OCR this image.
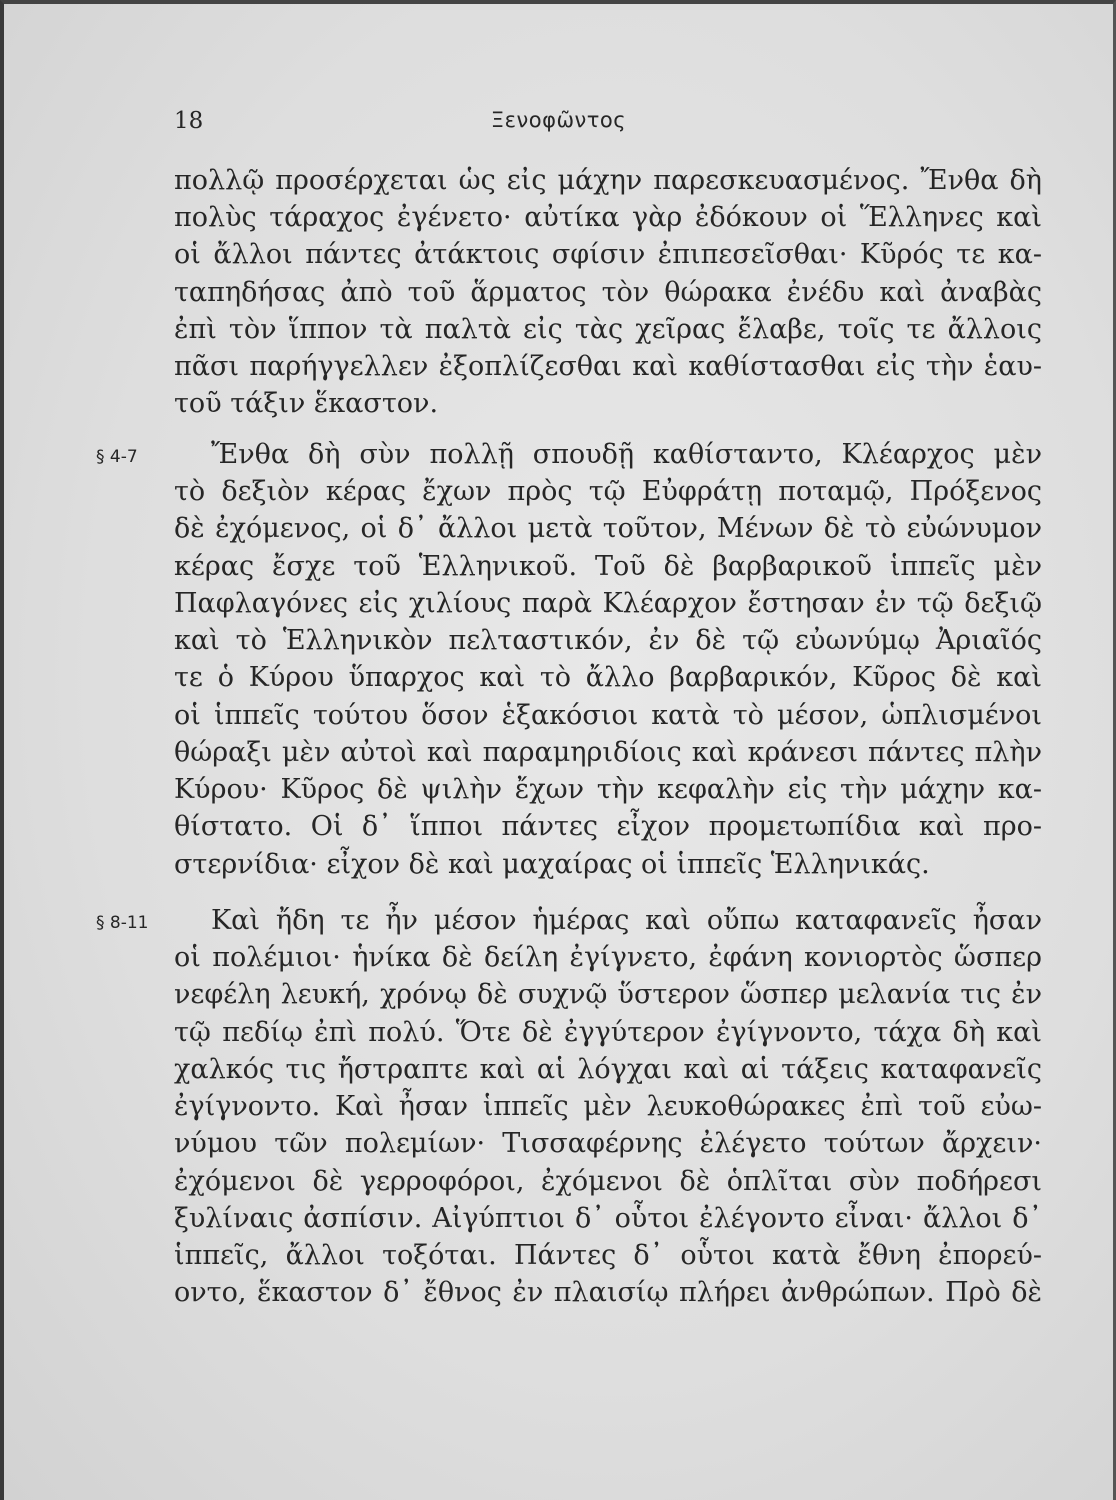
18	Ξενοφῶντος
§ 4-7
§ 8-11
πολλῷ προσέρχεται ὡς εἰς μάχην παρεσκευασμένος. Ἔνθα δὴ
πολὺς τάραχος ἐγένετο· αὐτίκα γὰρ ἐδόκουν οἱ Ἕλληνες καὶ
οἱ ἄλλοι πάντες ἀτάκτοις σφίσιν ἐπιπεσεῖσθαι· Κῦρός τε κα-
ταπηδήσας ἀπὸ τοῦ ἅρματος τὸν θώρακα ἐνέδυ καὶ ἀναβὰς
ἐπὶ τὸν ἵππον τὰ παλτὰ εἰς τὰς χεῖρας ἔλαβε, τοῖς τε ἄλλοις
πᾶσι παρήγγελλεν ἐξοπλίζεσθαι καὶ καθίστασθαι εἰς τὴν ἑαυ-
τοῦ τάξιν ἕκαστον.
Ἔνθα δὴ σὺν πολλῇ σπουδῇ καθίσταντο, Κλέαρχος μὲν
τὸ δεξιὸν κέρας ἔχων πρὸς τῷ Εὐφράτῃ ποταμῷ, Πρόξενος
δὲ ἐχόμενος, οἱ δ᾽ ἄλλοι μετὰ τοῦτον, Μένων δὲ τὸ εὐώνυμον
κέρας ἔσχε τοῦ Ἑλληνικοῦ. Τοῦ δὲ βαρβαρικοῦ ἱππεῖς μὲν
Παφλαγόνες εἰς χιλίους παρὰ Κλέαρχον ἔστησαν ἐν τῷ δεξιῷ
καὶ τὸ Ἑλληνικὸν πελταστικόν, ἐν δὲ τῷ εὐωνύμῳ Ἀριαῖός
τε ὁ Κύρου ὕπαρχος καὶ τὸ ἄλλο βαρβαρικόν, Κῦρος δὲ καὶ
οἱ ἱππεῖς τούτου ὅσον ἑξακόσιοι κατὰ τὸ μέσον, ὡπλισμένοι
θώραξι μὲν αὐτοὶ καὶ παραμηριδίοις καὶ κράνεσι πάντες πλὴν
Κύρου· Κῦρος δὲ ψιλὴν ἔχων τὴν κεφαλὴν εἰς τὴν μάχην κα-
θίστατο. Οἱ δ᾽ ἵπποι πάντες εἶχον προμετωπίδια καὶ προ-
στερνίδια· εἶχον δὲ καὶ μαχαίρας οἱ ἱππεῖς Ἑλληνικάς.
Καὶ ἤδη τε ἦν μέσον ἡμέρας καὶ οὔπω καταφανεῖς ἦσαν
οἱ πολέμιοι· ἡνίκα δὲ δείλη ἐγίγνετο, ἐφάνη κονιορτὸς ὥσπερ
νεφέλη λευκή, χρόνῳ δὲ συχνῷ ὕστερον ὥσπερ μελανία τις ἐν
τῷ πεδίῳ ἐπὶ πολύ. Ὅτε δὲ ἐγγύτερον ἐγίγνοντο, τάχα δὴ καὶ
χαλκός τις ἤστραπτε καὶ αἱ λόγχαι καὶ αἱ τάξεις καταφανεῖς
ἐγίγνοντο. Καὶ ἦσαν ἱππεῖς μὲν λευκοθώρακες ἐπὶ τοῦ εὐω-
νύμου τῶν πολεμίων· Τισσαφέρνης ἐλέγετο τούτων ἄρχειν·
ἐχόμενοι δὲ γερροφόροι, ἐχόμενοι δὲ ὁπλῖται σὺν ποδήρεσι
ξυλίναις ἀσπίσιν. Αἰγύπτιοι δ᾽ οὗτοι ἐλέγοντο εἶναι· ἄλλοι δ᾽
ἱππεῖς, ἄλλοι τοξόται. Πάντες δ᾽ οὗτοι κατὰ ἔθνη ἐπορεύ-
οντο, ἕκαστον δ᾽ ἔθνος ἐν πλαισίῳ πλήρει ἀνθρώπων. Πρὸ δὲ
